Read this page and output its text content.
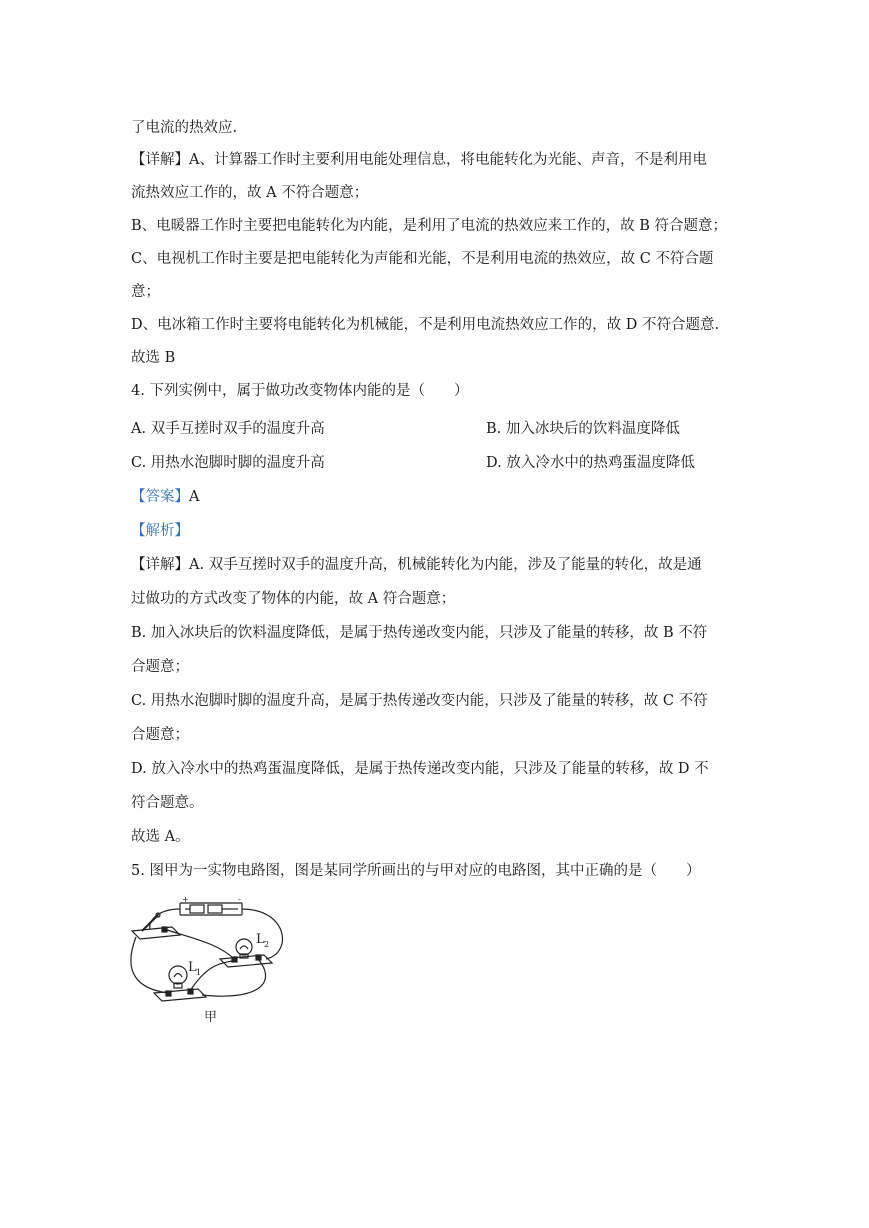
了电流的热效应.
【详解】A、计算器工作时主要利用电能处理信息，将电能转化为光能、声音，不是利用电
流热效应工作的，故 A 不符合题意；
B、电暖器工作时主要把电能转化为内能，是利用了电流的热效应来工作的，故 B 符合题意；
C、电视机工作时主要是把电能转化为声能和光能，不是利用电流的热效应，故 C 不符合题
意；
D、电冰箱工作时主要将电能转化为机械能，不是利用电流热效应工作的，故 D 不符合题意.
故选 B
4. 下列实例中，属于做功改变物体内能的是（　　）
A. 双手互搓时双手的温度升高	B. 加入冰块后的饮料温度降低
C. 用热水泡脚时脚的温度升高	D. 放入冷水中的热鸡蛋温度降低
【答案】A
【解析】
【详解】A. 双手互搓时双手的温度升高，机械能转化为内能，涉及了能量的转化，故是通
过做功的方式改变了物体的内能，故 A 符合题意；
B. 加入冰块后的饮料温度降低，是属于热传递改变内能，只涉及了能量的转移，故 B 不符
合题意；
C. 用热水泡脚时脚的温度升高，是属于热传递改变内能，只涉及了能量的转移，故 C 不符
合题意；
D. 放入冷水中的热鸡蛋温度降低，是属于热传递改变内能，只涉及了能量的转移，故 D 不
符合题意。
故选 A。
5. 图甲为一实物电路图，图是某同学所画出的与甲对应的电路图，其中正确的是（　　）
+	-
L 2
L 1
甲
